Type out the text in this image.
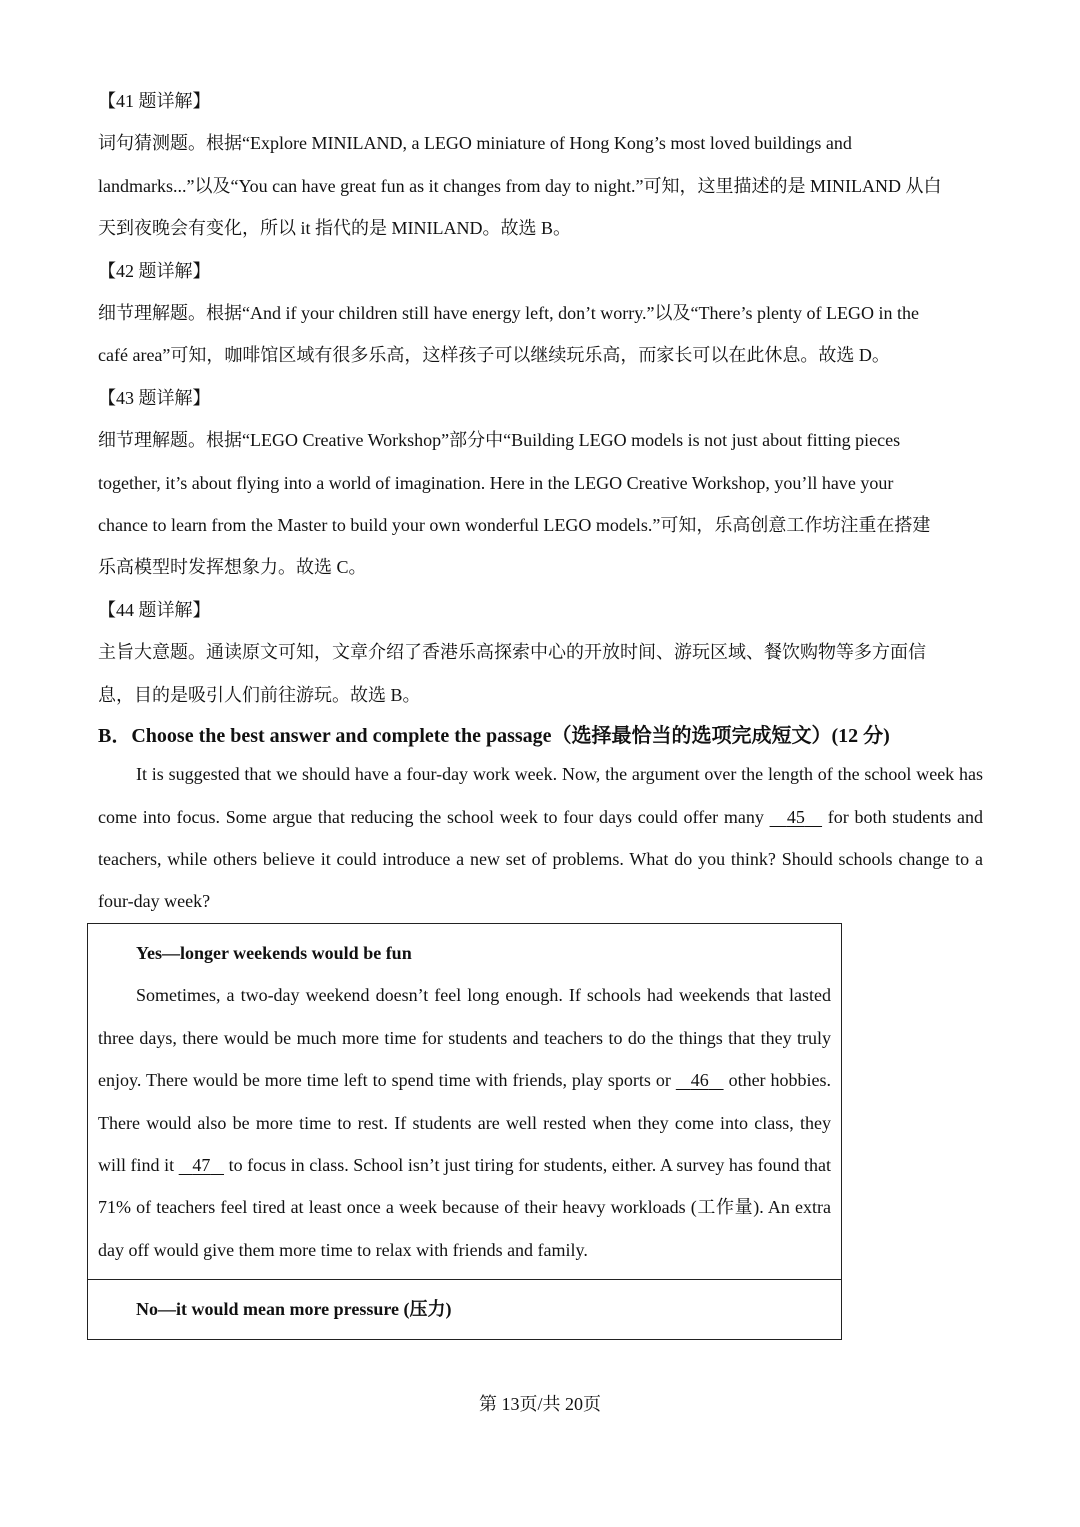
【41 题详解】
词句猜测题。根据“Explore MINILAND, a LEGO miniature of Hong Kong’s most loved buildings and
landmarks...”以及“You can have great fun as it changes from day to night.”可知，这里描述的是 MINILAND 从白
天到夜晚会有变化，所以 it 指代的是 MINILAND。故选 B。
【42 题详解】
细节理解题。根据“And if your children still have energy left, don’t worry.”以及“There’s plenty of LEGO in the
café area”可知，咖啡馆区域有很多乐高，这样孩子可以继续玩乐高，而家长可以在此休息。故选 D。
【43 题详解】
细节理解题。根据“LEGO Creative Workshop”部分中“Building LEGO models is not just about fitting pieces
together, it’s about flying into a world of imagination. Here in the LEGO Creative Workshop, you’ll have your
chance to learn from the Master to build your own wonderful LEGO models.”可知，乐高创意工作坊注重在搭建
乐高模型时发挥想象力。故选 C。
【44 题详解】
主旨大意题。通读原文可知，文章介绍了香港乐高探索中心的开放时间、游玩区域、餐饮购物等多方面信
息，目的是吸引人们前往游玩。故选 B。
B．Choose the best answer and complete the passage（选择最恰当的选项完成短文）(12 分)

It is suggested that we should have a four-day work week. Now, the argument over the length of the school week has come into focus. Some argue that reducing the school week to four days could offer many 45 for both students and teachers, while others believe it could introduce a new set of problems. What do you think? Should schools change to a four-day week?

Yes—longer weekends would be fun

Sometimes, a two-day weekend doesn’t feel long enough. If schools had weekends that lasted three days, there would be much more time for students and teachers to do the things that they truly enjoy. There would be more time left to spend time with friends, play sports or 46 other hobbies. There would also be more time to rest. If students are well rested when they come into class, they will find it 47 to focus in class. School isn’t just tiring for students, either. A survey has found that 71% of teachers feel tired at least once a week because of their heavy workloads (工作量). An extra day off would give them more time to relax with friends and family.

No—it would mean more pressure (压力)
第 13页/共 20页
